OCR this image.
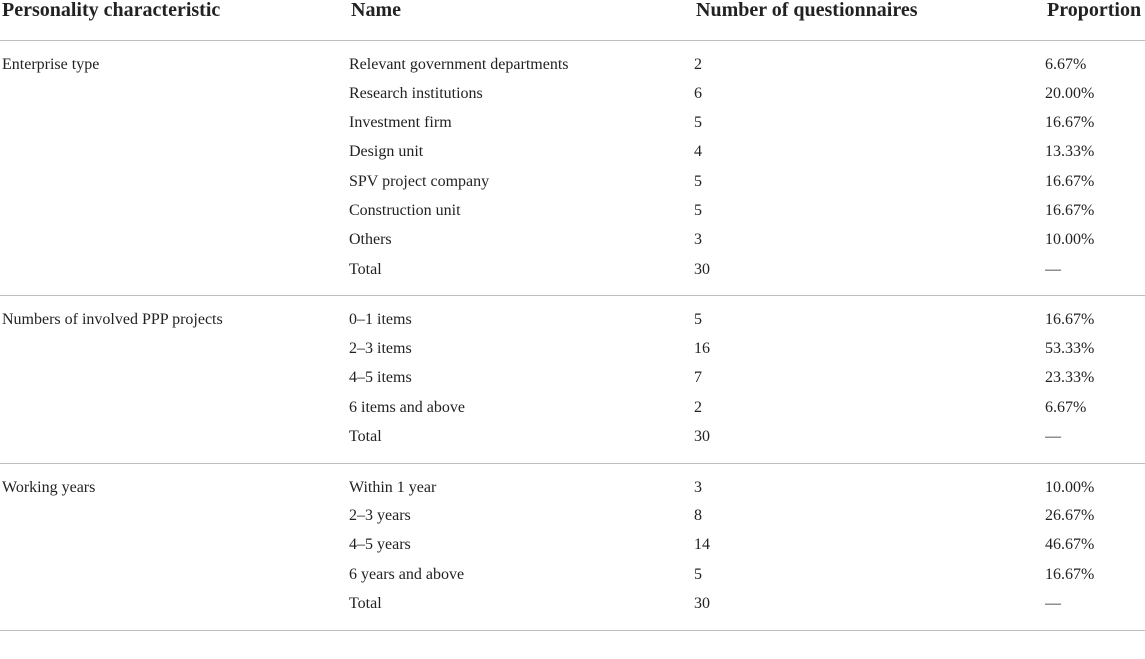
Personality characteristic	Name	Number of questionnaires	Proportion
Enterprise type	Relevant government departments	2	6.67%
	Research institutions	6	20.00%
	Investment firm	5	16.67%
	Design unit	4	13.33%
	SPV project company	5	16.67%
	Construction unit	5	16.67%
	Others	3	10.00%
	Total	30	—
Numbers of involved PPP projects	0–1 items	5	16.67%
	2–3 items	16	53.33%
	4–5 items	7	23.33%
	6 items and above	2	6.67%
	Total	30	—
Working years	Within 1 year	3	10.00%
	2–3 years	8	26.67%
	4–5 years	14	46.67%
	6 years and above	5	16.67%
	Total	30	—
